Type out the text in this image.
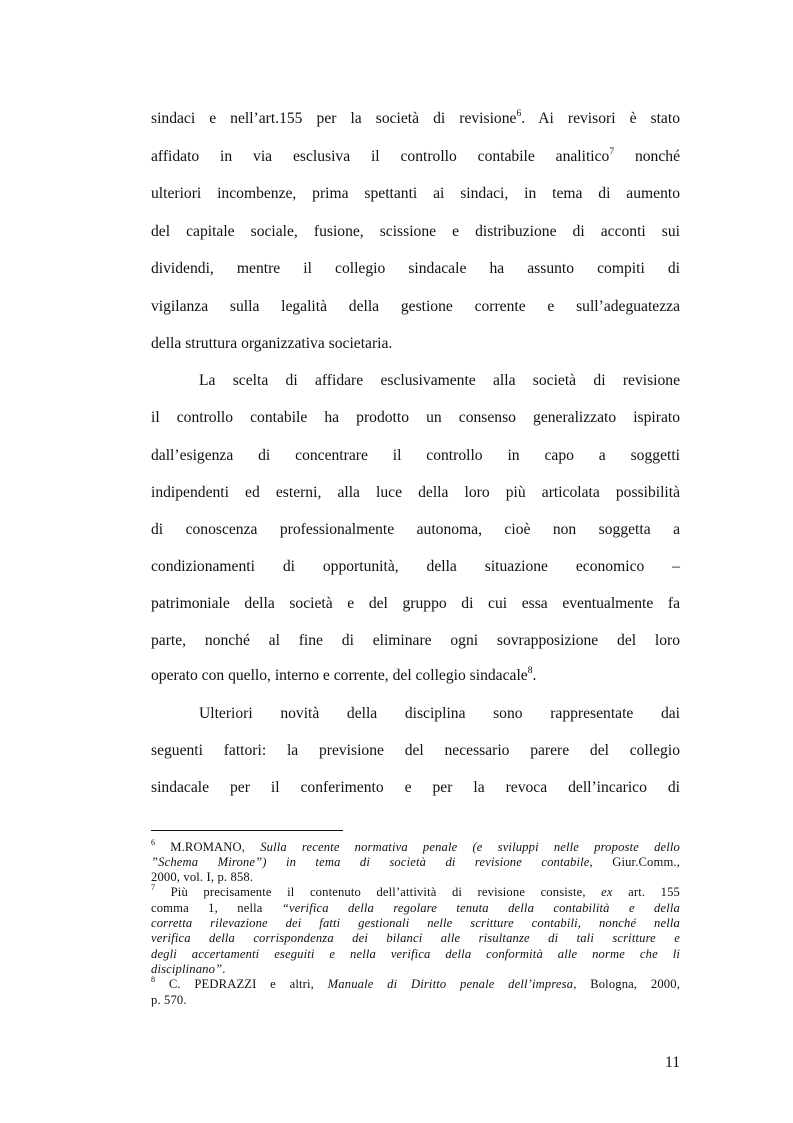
sindaci e nell’art.155 per la società di revisione$^6$. Ai revisori è stato
affidato in via esclusiva il controllo contabile analitico$^7$ nonché
ulteriori incombenze, prima spettanti ai sindaci, in tema di aumento
del capitale sociale, fusione, scissione e distribuzione di acconti sui
dividendi, mentre il collegio sindacale ha assunto compiti di
vigilanza sulla legalità della gestione corrente e sull’adeguatezza
della struttura organizzativa societaria.
La scelta di affidare esclusivamente alla società di revisione
il controllo contabile ha prodotto un consenso generalizzato ispirato
dall’esigenza di concentrare il controllo in capo a soggetti
indipendenti ed esterni, alla luce della loro più articolata possibilità
di conoscenza professionalmente autonoma, cioè non soggetta a
condizionamenti di opportunità, della situazione economico –
patrimoniale della società e del gruppo di cui essa eventualmente fa
parte, nonché al fine di eliminare ogni sovrapposizione del loro
operato con quello, interno e corrente, del collegio sindacale$^8$.
Ulteriori novità della disciplina sono rappresentate dai
seguenti fattori: la previsione del necessario parere del collegio
sindacale per il conferimento e per la revoca dell’incarico di
$^6$ M.ROMANO, Sulla recente normativa penale (e sviluppi nelle proposte dello
”Schema Mirone”) in tema di società di revisione contabile, Giur.Comm.,
2000, vol. I, p. 858.
$^7$ Più precisamente il contenuto dell’attività di revisione consiste, ex art. 155
comma 1, nella “verifica della regolare tenuta della contabilità e della
corretta rilevazione dei fatti gestionali nelle scritture contabili, nonché nella
verifica della corrispondenza dei bilanci alle risultanze di tali scritture e
degli accertamenti eseguiti e nella verifica della conformità alle norme che li
disciplinano”.
$^8$ C. PEDRAZZI e altri, Manuale di Diritto penale dell’impresa, Bologna, 2000,
p. 570.
11
